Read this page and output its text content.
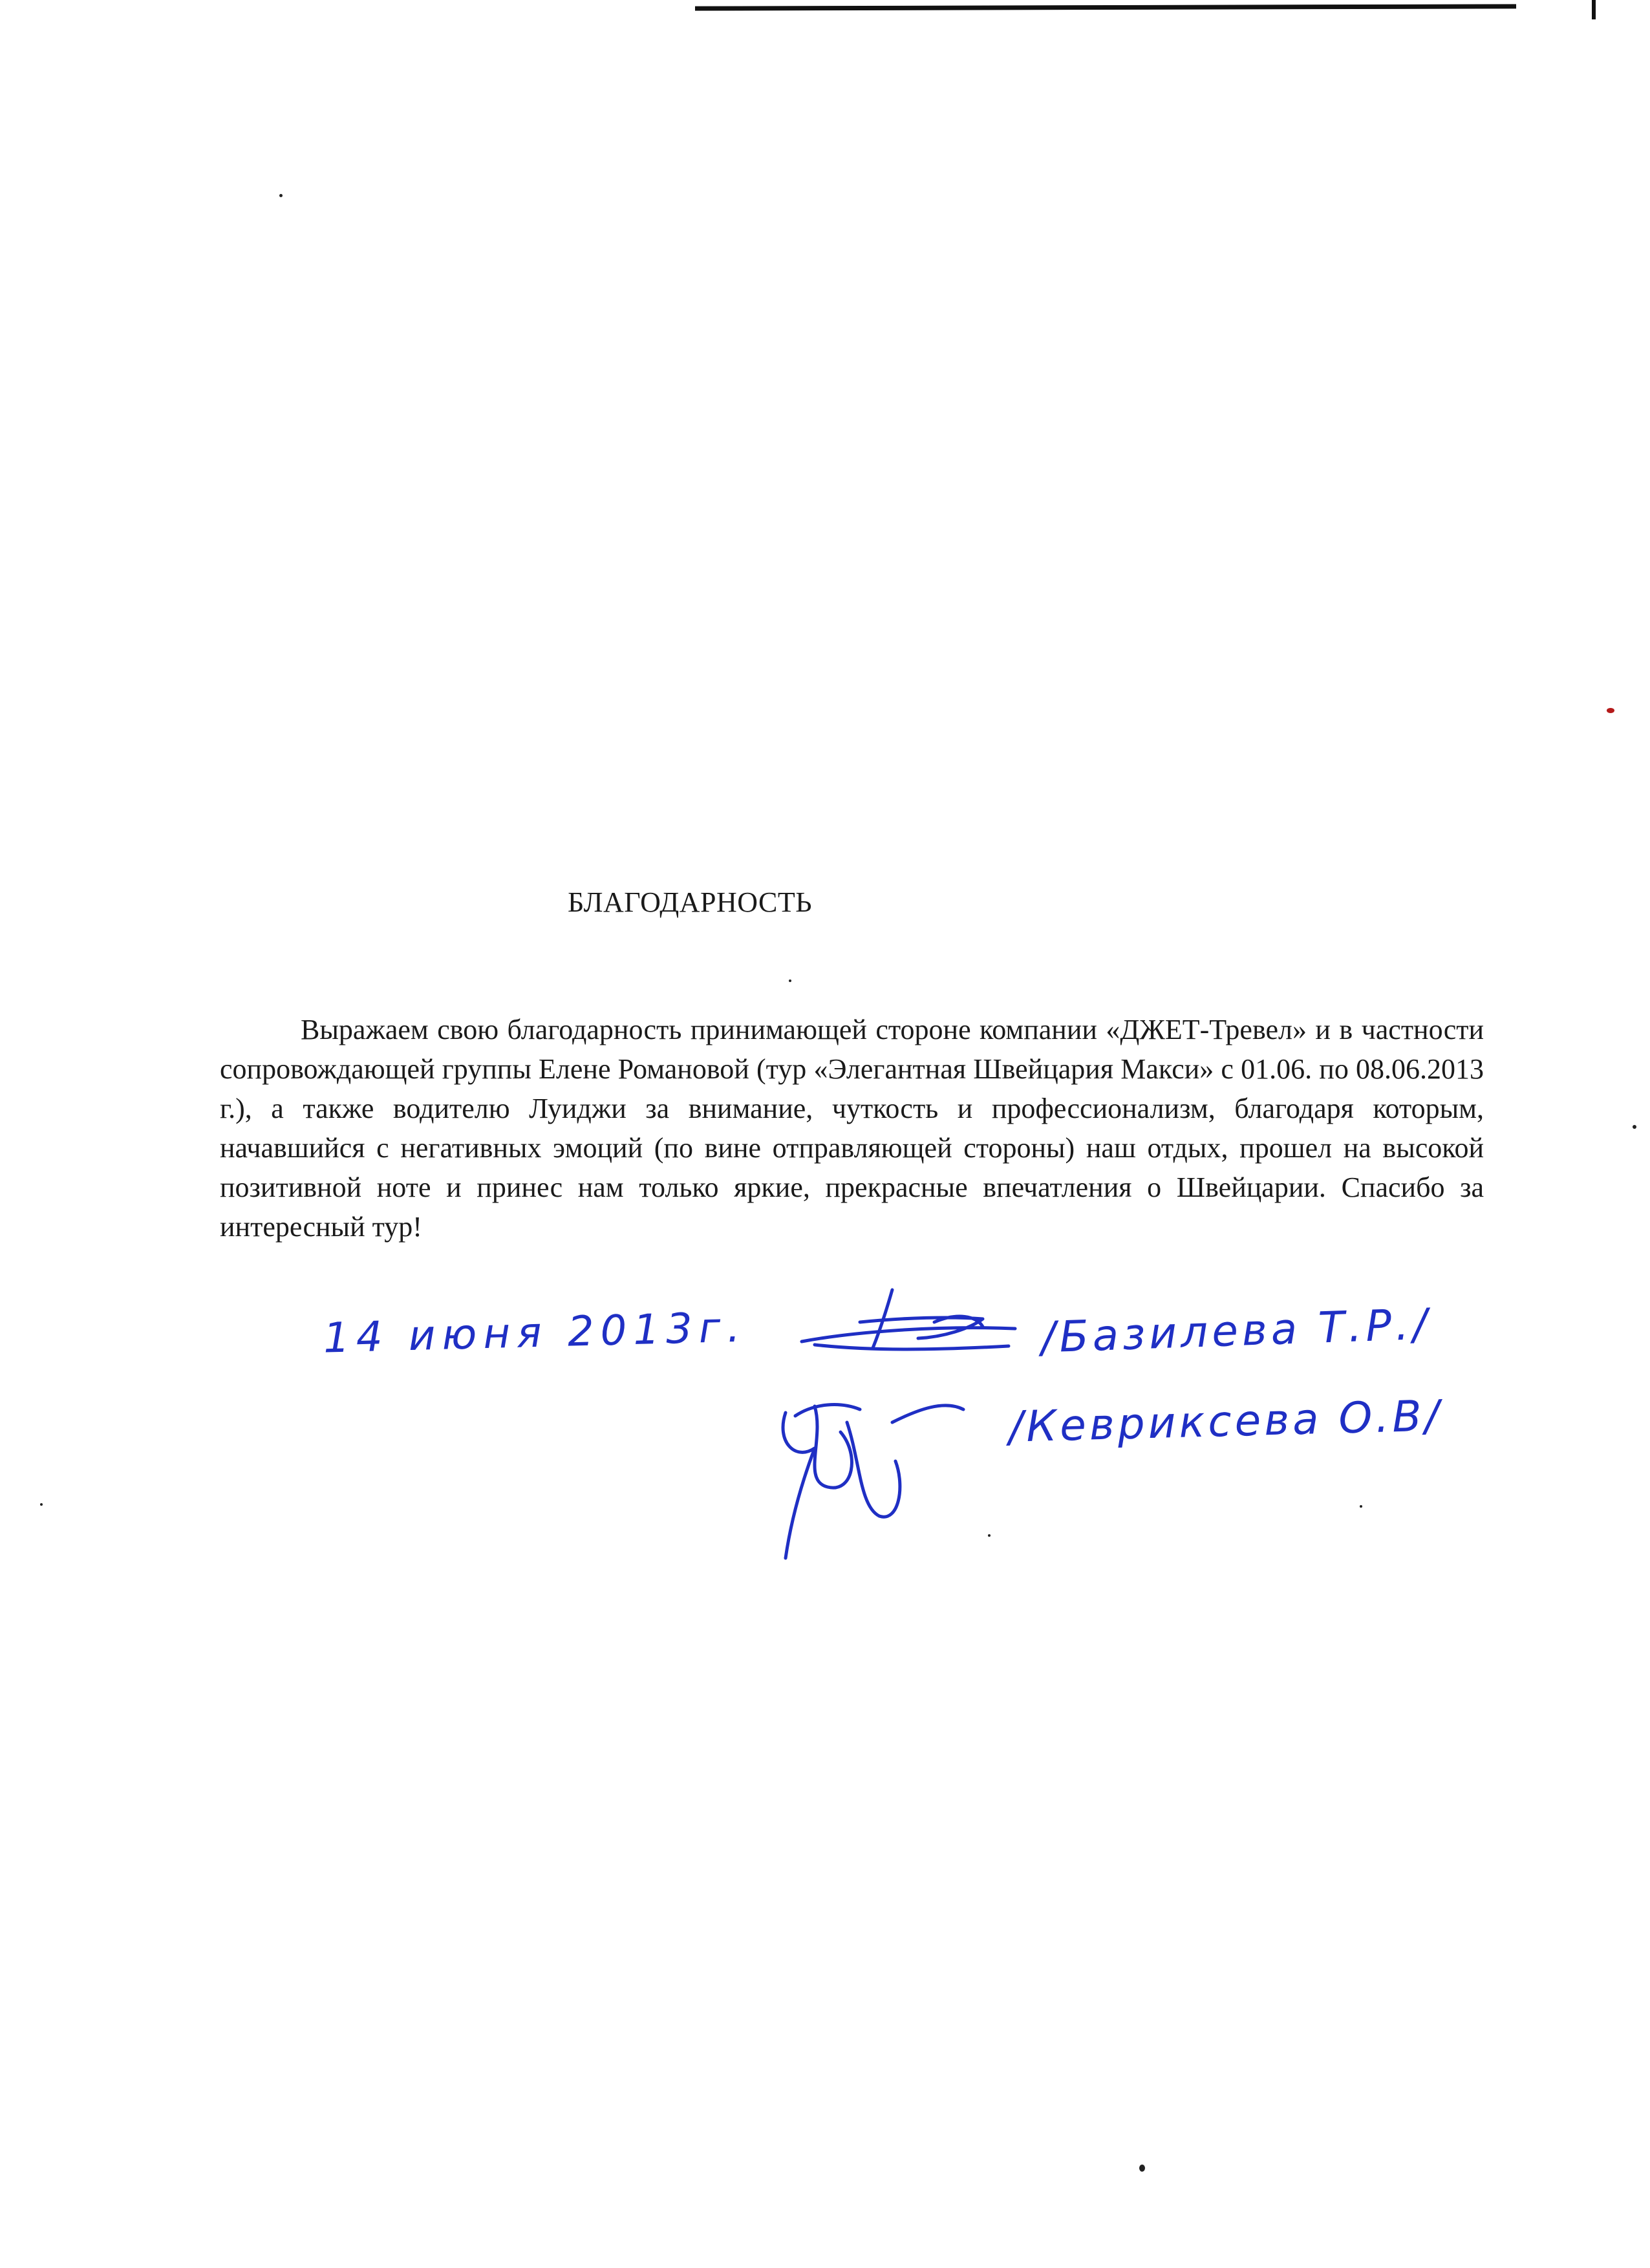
БЛАГОДАРНОСТЬ
Выражаем свою благодарность принимающей стороне компании «ДЖЕТ-Тревел» и в частности сопровождающей группы Елене Романовой (тур «Элегантная Швейцария Макси» с 01.06. по 08.06.2013 г.), а также водителю Луиджи за внимание, чуткость и профессионализм, благодаря которым, начавшийся с негативных эмоций (по вине отправляющей стороны) наш отдых, прошел на высокой позитивной ноте и принес нам только яркие, прекрасные впечатления о Швейцарии. Спасибо за интересный тур!
14 июня 2013г.	/Базилева Т.Р./
/Кевриксева О.В/
